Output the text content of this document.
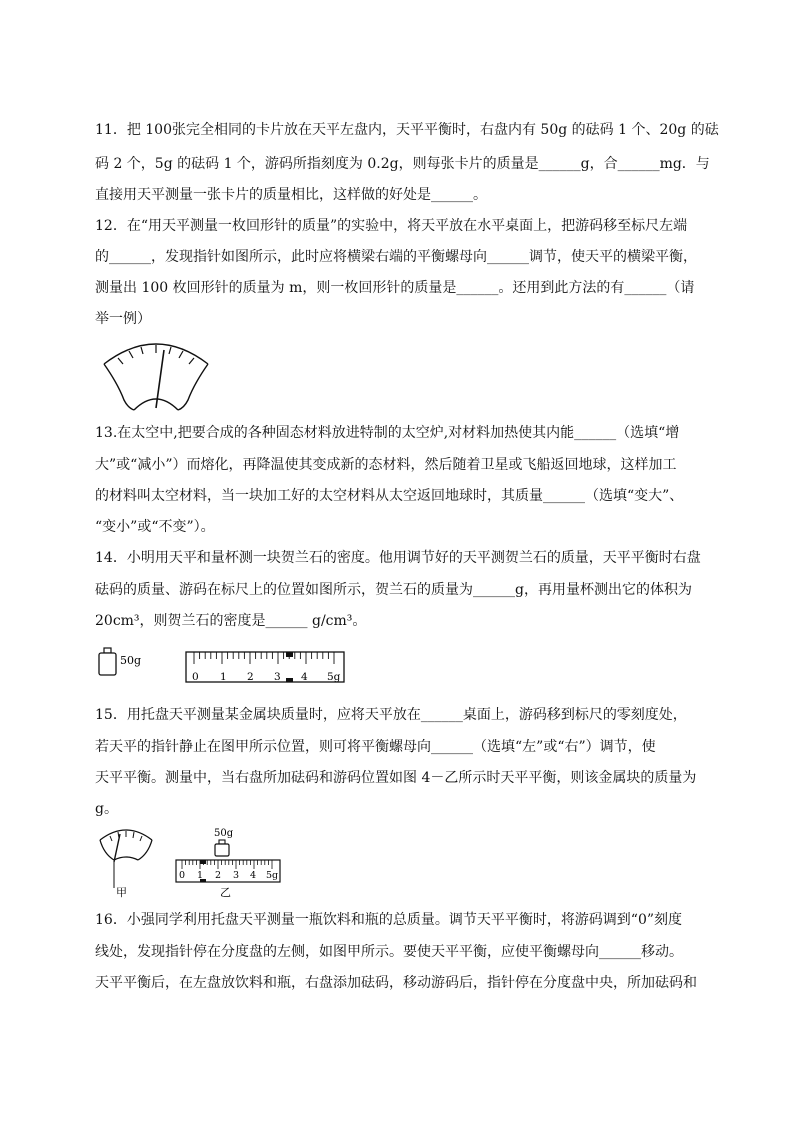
11．把 100张完全相同的卡片放在天平左盘内，天平平衡时，右盘内有 50g 的砝码 1 个、20g 的砝
码 2 个，5g 的砝码 1 个，游码所指刻度为 0.2g，则每张卡片的质量是______g，合______mg．与
直接用天平测量一张卡片的质量相比，这样做的好处是______。
12．在“用天平测量一枚回形针的质量”的实验中，将天平放在水平桌面上，把游码移至标尺左端
的______，发现指针如图所示，此时应将横梁右端的平衡螺母向______调节，使天平的横梁平衡，
测量出 100 枚回形针的质量为 m，则一枚回形针的质量是______。还用到此方法的有______（请
举一例）
13.在太空中,把要合成的各种固态材料放进特制的太空炉,对材料加热使其内能______（选填“增
大”或“减小”）而熔化，再降温使其变成新的态材料，然后随着卫星或飞船返回地球，这样加工
的材料叫太空材料，当一块加工好的太空材料从太空返回地球时，其质量______（选填“变大”、
“变小”或“不变”）。
14．小明用天平和量杯测一块贺兰石的密度。他用调节好的天平测贺兰石的质量，天平平衡时右盘
砝码的质量、游码在标尺上的位置如图所示，贺兰石的质量为______g，再用量杯测出它的体积为
20cm³，则贺兰石的密度是______ g/cm³。
50g
0 1 2 3 4 5g
15．用托盘天平测量某金属块质量时，应将天平放在______桌面上，游码移到标尺的零刻度处，
若天平的指针静止在图甲所示位置，则可将平衡螺母向______（选填“左”或“右”）调节，使
天平平衡。测量中，当右盘所加砝码和游码位置如图 4－乙所示时天平平衡，则该金属块的质量为
g。
甲
50g
0 1 2 3 4 5g
乙
16．小强同学利用托盘天平测量一瓶饮料和瓶的总质量。调节天平平衡时，将游码调到“0”刻度
线处，发现指针停在分度盘的左侧，如图甲所示。要使天平平衡，应使平衡螺母向______移动。
天平平衡后，在左盘放饮料和瓶，右盘添加砝码，移动游码后，指针停在分度盘中央，所加砝码和
